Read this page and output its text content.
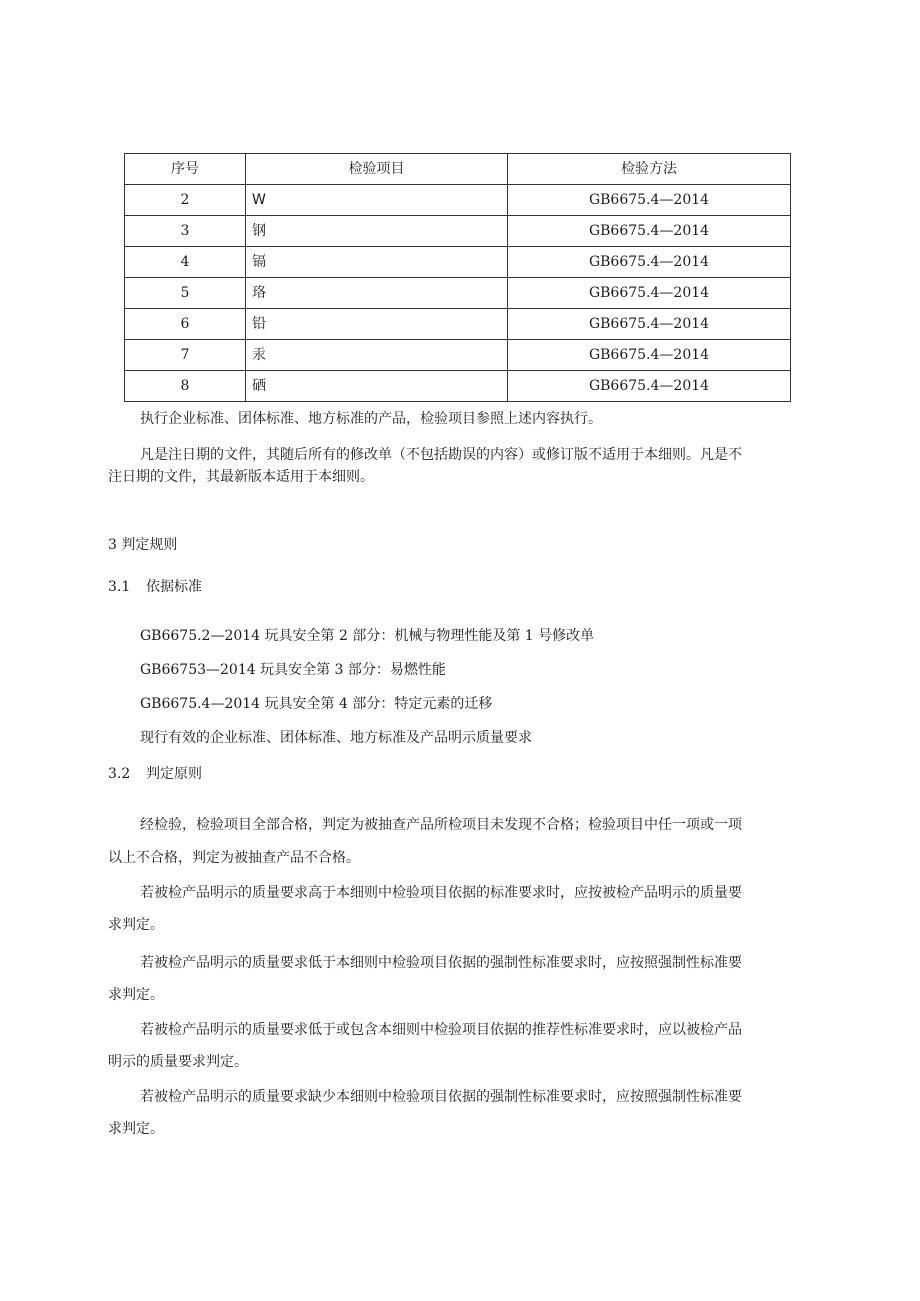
序号	检验项目	检验方法
2	W	GB6675.4—2014
3	钢	GB6675.4—2014
4	镉	GB6675.4—2014
5	珞	GB6675.4—2014
6	铅	GB6675.4—2014
7	汞	GB6675.4—2014
8	硒	GB6675.4—2014

执行企业标准、团体标准、地方标准的产品，检验项目参照上述内容执行。

凡是注日期的文件，其随后所有的修改单（不包括勘误的内容）或修订版不适用于本细则。凡是不

注日期的文件，其最新版本适用于本细则。

3 判定规则

3.1 依据标准

GB6675.2—2014 玩具安全第 2 部分：机械与物理性能及第 1 号修改单

GB66753—2014 玩具安全第 3 部分：易燃性能

GB6675.4—2014 玩具安全第 4 部分：特定元素的迁移

现行有效的企业标准、团体标准、地方标准及产品明示质量要求

3.2 判定原则

经检验，检验项目全部合格，判定为被抽查产品所检项目未发现不合格；检验项目中任一项或一项

以上不合格，判定为被抽查产品不合格。

若被检产品明示的质量要求高于本细则中检验项目依据的标准要求时，应按被检产品明示的质量要

求判定。

若被检产品明示的质量要求低于本细则中检验项目依据的强制性标准要求时，应按照强制性标准要

求判定。

若被检产品明示的质量要求低于或包含本细则中检验项目依据的推荐性标准要求时，应以被检产品

明示的质量要求判定。

若被检产品明示的质量要求缺少本细则中检验项目依据的强制性标准要求时，应按照强制性标准要

求判定。
